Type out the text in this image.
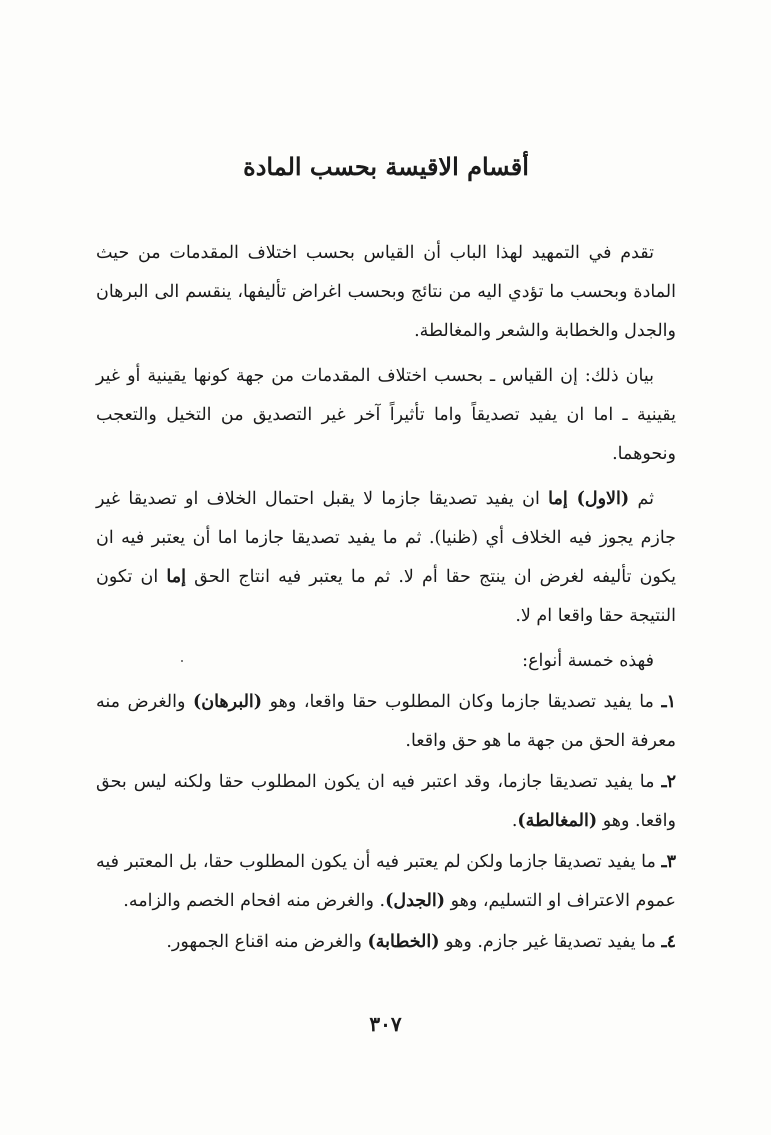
أقسام الاقيسة بحسب المادة

تقدم في التمهيد لهذا الباب أن القياس بحسب اختلاف المقدمات من حيث المادة وبحسب ما تؤدي اليه من نتائج وبحسب اغراض تأليفها، ينقسم الى البرهان والجدل والخطابة والشعر والمغالطة.

بيان ذلك: إن القياس ـ بحسب اختلاف المقدمات من جهة كونها يقينية أو غير يقينية ـ اما ان يفيد تصديقاً واما تأثيراً آخر غير التصديق من التخيل والتعجب ونحوهما.

ثم (الاول) إما ان يفيد تصديقا جازما لا يقبل احتمال الخلاف او تصديقا غير جازم يجوز فيه الخلاف أي (ظنيا). ثم ما يفيد تصديقا جازما اما أن يعتبر فيه ان يكون تأليفه لغرض ان ينتج حقا أم لا. ثم ما يعتبر فيه انتاج الحق إما ان تكون النتيجة حقا واقعا ام لا.

فهذه خمسة أنواع:

١ـ ما يفيد تصديقا جازما وكان المطلوب حقا واقعا، وهو (البرهان) والغرض منه معرفة الحق من جهة ما هو حق واقعا.

٢ـ ما يفيد تصديقا جازما، وقد اعتبر فيه ان يكون المطلوب حقا ولكنه ليس بحق واقعا. وهو (المغالطة).

٣ـ ما يفيد تصديقا جازما ولكن لم يعتبر فيه أن يكون المطلوب حقا، بل المعتبر فيه عموم الاعتراف او التسليم، وهو (الجدل). والغرض منه افحام الخصم والزامه.

٤ـ ما يفيد تصديقا غير جازم. وهو (الخطابة) والغرض منه اقناع الجمهور.

٣٠٧
